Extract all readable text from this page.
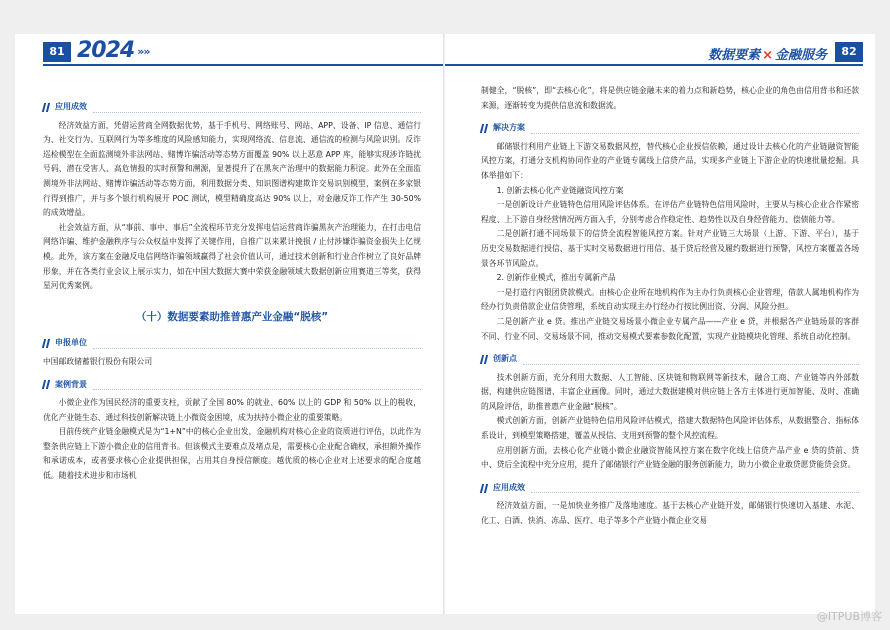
81 2024 »»
应用成效

经济效益方面，凭借运营商全网数据优势，基于手机号、网络账号、网站、APP、设备、IP 信息、通信行为、社交行为、互联网行为等多维度的风险感知能力，实现网络流、信息流、通信流的检测与风险识别。反诈巡检模型在全面监测境外非法网站、赌博诈骗活动等态势方面覆盖 90% 以上恶意 APP 库，能够实现涉诈链扰号码、潜在受害人、高危情报的实时预警和溯源，显著提升了在黑灰产治理中的数据能力积淀。此外在全面监测境外非法网站、赌博诈骗活动等态势方面，利用数据分类、知识图谱构建欺诈交易识别模型，案例在多家银行得到推广，并与多个银行机构展开 POC 测试，模型精确度高达 90% 以上，对金融反诈工作产生 30-50% 的成效增益。

社会效益方面，从“事前、事中、事后”全流程环节充分发挥电信运营商诈骗黑灰产治理能力，在打击电信网络诈骗、维护金融秩序与公众权益中发挥了关键作用，自推广以来累计挽损 / 止付涉嫌诈骗资金损失上亿规模。此外，该方案在金融反电信网络诈骗领域赢得了社会价值认可，通过技术创新和行业合作树立了良好品牌形象，并在各类行业会议上展示实力，如在中国大数据大赛中荣获金融领域大数据创新应用赛道三等奖，获得星河优秀案例。

（十）数据要素助推普惠产业金融“脱核”
申报单位

中国邮政储蓄银行股份有限公司

案例背景

小微企业作为国民经济的重要支柱，贡献了全国 80% 的就业、60% 以上的 GDP 和 50% 以上的税收，优化产业链生态、通过科技创新解决链上小微资金困境，成为扶持小微企业的重要策略。

目前传统产业链金融模式是为“1+N”中的核心企业出发，金融机构对核心企业的资质进行评估，以此作为整条供应链上下游小微企业的信用背书。但该模式主要难点及堵点是，需要核心企业配合确权，承担额外操作和承诺成本，或者要求核心企业提供担保，占用其自身授信额度。越优质的核心企业对上述要求的配合度越低。随着技术进步和市场机

数据要素 × 金融服务	82

制健全，“脱核”，即“去核心化”，将是供应链金融未来的着力点和新趋势，核心企业的角色由信用背书和还款来源，逐渐转变为提供信息流和数据流。

解决方案

邮储银行利用产业链上下游交易数据风控，替代核心企业授信依赖，通过设计去核心化的产业链融资智能风控方案，打通分支机构协同作业的产业链专属线上信贷产品，实现多产业链上下游企业的快速批量挖掘。具体举措如下：

1. 创新去核心化产业链融资风控方案

一是创新设计产业链特色信用风险评估体系。在评估产业链特色信用风险时，主要从与核心企业合作紧密程度、上下游自身经营情况两方面入手，分别考虑合作稳定性、趋势性以及自身经营能力、偿债能力等。

二是创新打通不同场景下的信贷全流程智能风控方案。针对产业链三大场景（上游、下游、平台），基于历史交易数据进行授信、基于实时交易数据进行用信、基于贷后经营及履约数据进行预警，风控方案覆盖各场景各环节风险点。

2. 创新作业模式，推出专属新产品

一是打造行内银团贷款模式。由核心企业所在地机构作为主办行负责核心企业管理，借款人属地机构作为经办行负责借款企业信贷管理，系统自动实现主办行经办行按比例出资、分润、风险分担。

二是创新产业 e 贷。推出产业链交易场景小微企业专属产品——产业 e 贷，并根据各产业链场景的客群不同、行业不同、交易场景不同，推动交易模式要素参数化配置，实现产业链模块化管理、系统自动化控制。

创新点

技术创新方面，充分利用大数据、人工智能、区块链和物联网等新技术，融合工商、产业链等内外部数据，构建供应链图谱、丰富企业画像。同时，通过大数据建模对供应链上各方主体进行更加智能、及时、准确的风险评估，助推普惠产业金融“脱核”。

模式创新方面，创新产业链特色信用风险评估模式，搭建大数据特色风险评估体系，从数据整合、指标体系设计，到模型策略搭建，覆盖从授信、支用到预警的整个风控流程。

应用创新方面，去核心化产业链小微企业融资智能风控方案在数字化线上信贷产品产业 e 贷的贷前、贷中、贷后全流程中充分应用，提升了邮储银行产业链金融的服务创新能力，助力小微企业敢贷愿贷能贷会贷。

应用成效

经济效益方面，一是加快业务推广及落地速度。基于去核心产业链开发，邮储银行快速切入基建、水泥、化工、白酒、快消、冻品、医疗、电子等多个产业链小微企业交易

@ITPUB博客
